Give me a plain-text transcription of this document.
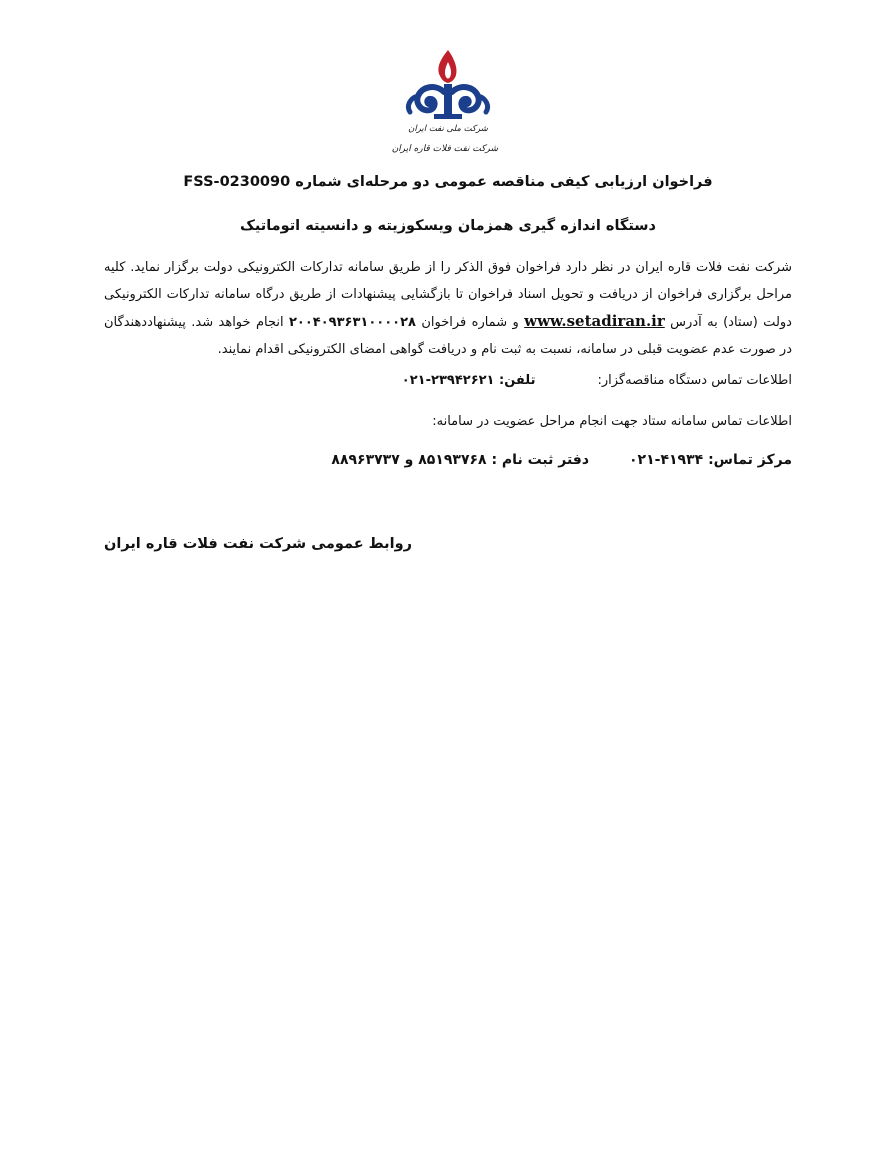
شرکت ملی نفت ایران
شرکت نفت فلات قاره ایران
فراخوان ارزیابی کیفی مناقصه عمومی دو مرحله‌ای شماره FSS-0230090
دستگاه اندازه گیری همزمان ویسکوزیته و دانسیته اتوماتیک
شرکت نفت فلات قاره ایران در نظر دارد فراخوان فوق الذکر را از طریق سامانه تدارکات الکترونیکی دولت برگزار نماید. کلیه مراحل برگزاری فراخوان از دریافت و تحویل اسناد فراخوان تا بازگشایی پیشنهادات از طریق درگاه سامانه تدارکات الکترونیکی دولت (ستاد) به آدرس www.setadiran.ir و شماره فراخوان ۲۰۰۴۰۹۳۶۳۱۰۰۰۰۲۸ انجام خواهد شد. پیشنهاددهندگان در صورت عدم عضویت قبلی در سامانه، نسبت به ثبت نام و دریافت گواهی امضای الکترونیکی اقدام نمایند.
اطلاعات تماس دستگاه مناقصه‌گزار:تلفن: ۲۳۹۴۲۶۲۱-۰۲۱
اطلاعات تماس سامانه ستاد جهت انجام مراحل عضویت در سامانه:
مرکز تماس: ۴۱۹۳۴-۰۲۱دفتر ثبت نام : ۸۵۱۹۳۷۶۸ و ۸۸۹۶۳۷۳۷
روابط عمومی شرکت نفت فلات قاره ایران
